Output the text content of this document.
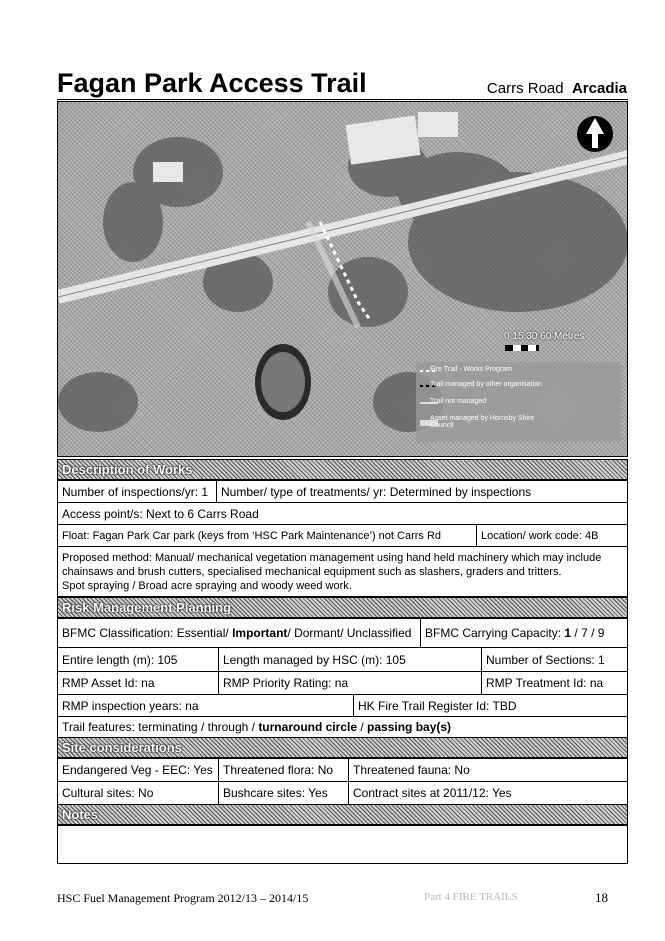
Fagan Park Access Trail	Carrs Road Arcadia
0 15 30 60 Metres
Fire Trail - Works Program
Trail managed by other organisation
Trail not managed
Asset managed by Hornsby Shire Council
Description of Works
Number of inspections/yr: 1	Number/ type of treatments/ yr: Determined by inspections
Access point/s: Next to 6 Carrs Road
Float: Fagan Park Car park (keys from ‘HSC Park Maintenance’) not Carrs Rd	Location/ work code: 4B
Proposed method: Manual/ mechanical vegetation management using hand held machinery which may include
chainsaws and brush cutters, specialised mechanical equipment such as slashers, graders and tritters.
Spot spraying / Broad acre spraying and woody weed work.
Risk Management Planning
BFMC Classification: Essential/ Important/ Dormant/ Unclassified	BFMC Carrying Capacity: 1 / 7 / 9
Entire length (m): 105	Length managed by HSC (m): 105	Number of Sections: 1
RMP Asset Id: na	RMP Priority Rating: na	RMP Treatment Id: na
RMP inspection years: na	HK Fire Trail Register Id: TBD
Trail features: terminating / through / turnaround circle / passing bay(s)
Site considerations
Endangered Veg - EEC: Yes	Threatened flora: No	Threatened fauna: No
Cultural sites: No	Bushcare sites: Yes	Contract sites at 2011/12: Yes
Notes
HSC Fuel Management Program 2012/13 – 2014/15	Part 4 FIRE TRAILS	18
